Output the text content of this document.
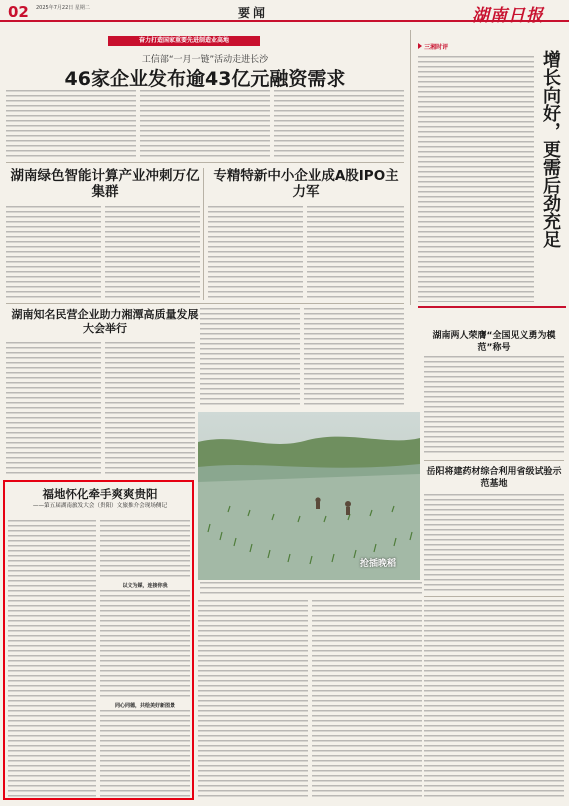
02 2025年7月22日 星期二	要闻	湖南日报
奋力打造国家重要先进制造业高地
工信部“一月一链”活动走进长沙
46家企业发布逾43亿元融资需求
湖南绿色智能计算产业冲刺万亿集群
专精特新中小企业成A股IPO主力军
湖南知名民营企业助力湘潭高质量发展大会举行
福地怀化牵手爽爽贵阳
——第五届湖南旅发大会（贵阳）文旅推介会现场侧记
以文为媒，连接你我
同心同德，共绘美好新图景
抢插晚稻
三湘时评
增长向好，更需后劲充足
湖南两人荣膺“全国见义勇为模范”称号
岳阳将建药材综合利用省级试验示范基地
